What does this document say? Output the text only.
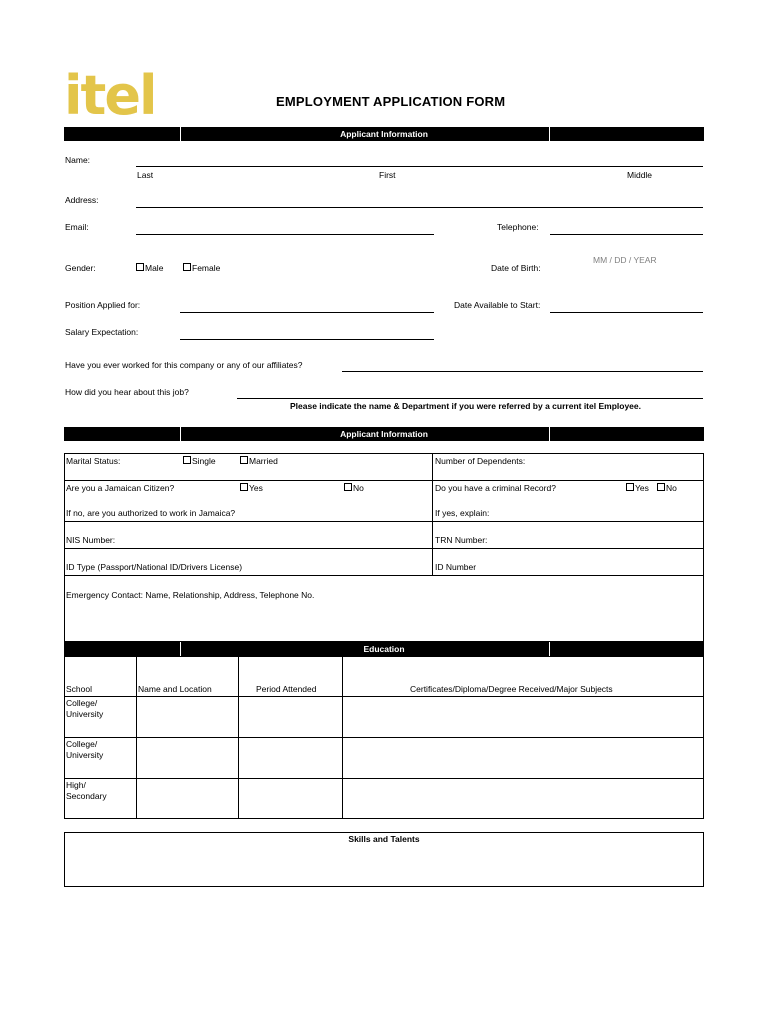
itel	EMPLOYMENT APPLICATION FORM
Applicant Information
Name:
Last	First	Middle
Address:
Email:	Telephone:
Gender:	Male	Female	Date of Birth:
MM / DD / YEAR
Position Applied for:	Date Available to Start:
Salary Expectation:
Have you ever worked for this company or any of our affiliates?
How did you hear about this job?
Please indicate the name & Department if you were referred by a current itel Employee.
Applicant Information
Marital Status:	Single	Married	Number of Dependents:
Are you a Jamaican Citizen?	Yes	No	Do you have a criminal Record?	Yes	No
If no, are you authorized to work in Jamaica?	If yes, explain:
NIS Number:	TRN Number:
ID Type (Passport/National ID/Drivers License)	ID Number
Emergency Contact: Name, Relationship, Address, Telephone No.
Education
School	Name and Location	Period Attended	Certificates/Diploma/Degree Received/Major Subjects
College/
University
College/
University
High/
Secondary
Skills and Talents
